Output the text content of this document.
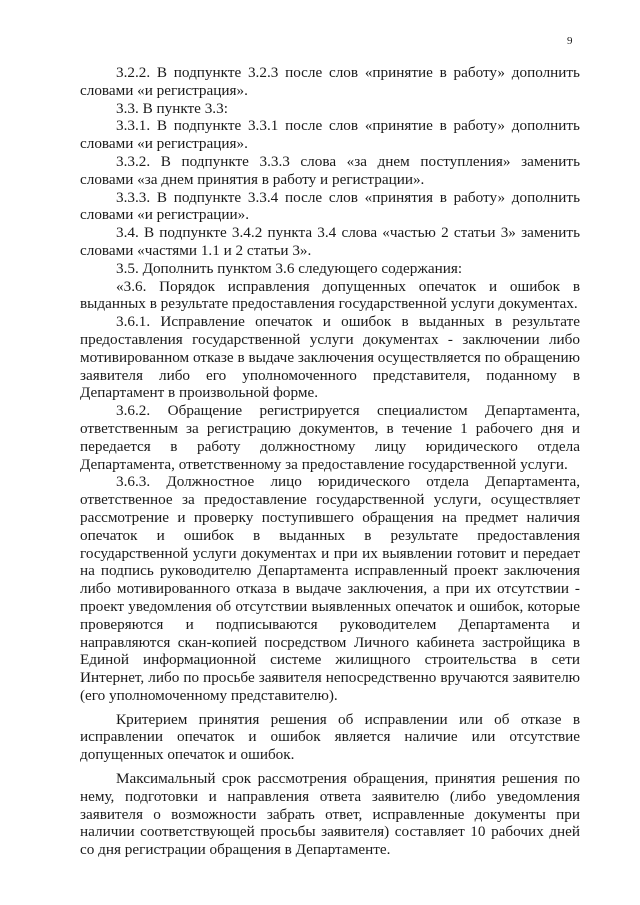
9

3.2.2. В подпункте 3.2.3 после слов «принятие в работу» дополнить словами «и регистрация».

3.3. В пункте 3.3:

3.3.1. В подпункте 3.3.1 после слов «принятие в работу» дополнить словами «и регистрация».

3.3.2. В подпункте 3.3.3 слова «за днем поступления» заменить словами «за днем принятия в работу и регистрации».

3.3.3. В подпункте 3.3.4 после слов «принятия в работу» дополнить словами «и регистрации».

3.4. В подпункте 3.4.2 пункта 3.4 слова «частью 2 статьи 3» заменить словами «частями 1.1 и 2 статьи 3».

3.5. Дополнить пунктом 3.6 следующего содержания:

«3.6. Порядок исправления допущенных опечаток и ошибок в выданных в результате предоставления государственной услуги документах.

3.6.1. Исправление опечаток и ошибок в выданных в результате предоставления государственной услуги документах - заключении либо мотивированном отказе в выдаче заключения осуществляется по обращению заявителя либо его уполномоченного представителя, поданному в Департамент в произвольной форме.

3.6.2. Обращение регистрируется специалистом Департамента, ответственным за регистрацию документов, в течение 1 рабочего дня и передается в работу должностному лицу юридического отдела Департамента, ответственному за предоставление государственной услуги.

3.6.3. Должностное лицо юридического отдела Департамента, ответственное за предоставление государственной услуги, осуществляет рассмотрение и проверку поступившего обращения на предмет наличия опечаток и ошибок в выданных в результате предоставления государственной услуги документах и при их выявлении готовит и передает на подпись руководителю Департамента исправленный проект заключения либо мотивированного отказа в выдаче заключения, а при их отсутствии - проект уведомления об отсутствии выявленных опечаток и ошибок, которые проверяются и подписываются руководителем Департамента и направляются скан-копией посредством Личного кабинета застройщика в Единой информационной системе жилищного строительства в сети Интернет, либо по просьбе заявителя непосредственно вручаются заявителю (его уполномоченному представителю).

Критерием принятия решения об исправлении или об отказе в исправлении опечаток и ошибок является наличие или отсутствие допущенных опечаток и ошибок.

Максимальный срок рассмотрения обращения, принятия решения по нему, подготовки и направления ответа заявителю (либо уведомления заявителя о возможности забрать ответ, исправленные документы при наличии соответствующей просьбы заявителя) составляет 10 рабочих дней со дня регистрации обращения в Департаменте.
